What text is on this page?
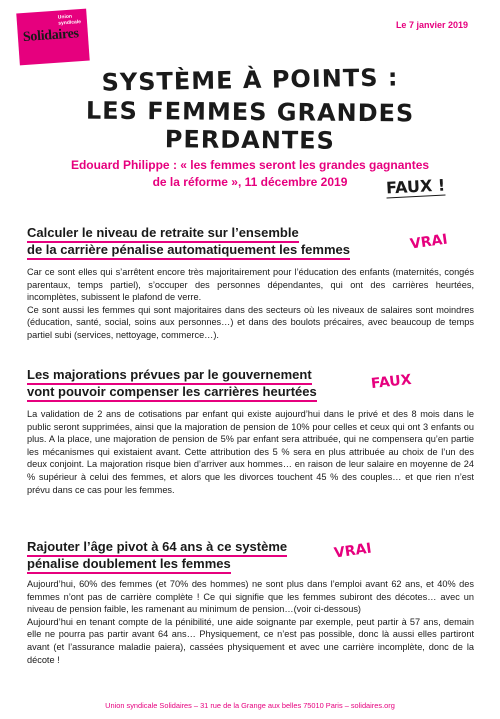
Union
syndicale
Solidaires
Le 7 janvier 2019
SYSTÈME À POINTS :
LES FEMMES GRANDES PERDANTES
Edouard Philippe : « les femmes seront les grandes gagnantes
de la réforme », 11 décembre 2019	FAUX !
Calculer le niveau de retraite sur l’ensemble
de la carrière pénalise automatiquement les femmes	VRAI

Car ce sont elles qui s’arrêtent encore très majoritairement pour l’éducation des enfants (maternités, congés parentaux, temps partiel), s’occuper des personnes dépendantes, qui ont des carrières heurtées, incomplètes, subissent le plafond de verre.

Ce sont aussi les femmes qui sont majoritaires dans des secteurs où les niveaux de salaires sont moindres (éducation, santé, social, soins aux personnes…) et dans des boulots précaires, avec beaucoup de temps partiel subi (services, nettoyage, commerce…).

Les majorations prévues par le gouvernement
vont pouvoir compenser les carrières heurtées	FAUX

La validation de 2 ans de cotisations par enfant qui existe aujourd’hui dans le privé et des 8 mois dans le public seront supprimées, ainsi que la majoration de pension de 10% pour celles et ceux qui ont 3 enfants ou plus. A la place, une majoration de pension de 5% par enfant sera attribuée, qui ne compensera qu’en partie les mécanismes qui existaient avant. Cette attribution des 5 % sera en plus attribuée au choix de l’un des deux conjoint. La majoration risque bien d’arriver aux hommes… en raison de leur salaire en moyenne de 24 % supérieur à celui des femmes, et alors que les divorces touchent 45 % des couples… et que rien n’est prévu dans ce cas pour les femmes.

Rajouter l’âge pivot à 64 ans à ce système
pénalise doublement les femmes
VRAI

Aujourd’hui, 60% des femmes (et 70% des hommes) ne sont plus dans l’emploi avant 62 ans, et 40% des femmes n’ont pas de carrière complète ! Ce qui signifie que les femmes subiront des décotes… avec un niveau de pension faible, les ramenant au minimum de pension…(voir ci-dessous)

Aujourd’hui en tenant compte de la pénibilité, une aide soignante par exemple, peut partir à 57 ans, demain elle ne pourra pas partir avant 64 ans… Physiquement, ce n’est pas possible, donc là aussi elles partiront avant (et l’assurance maladie paiera), cassées physiquement et avec une carrière incomplète, donc de la décote !

Union syndicale Solidaires – 31 rue de la Grange aux belles 75010 Paris – solidaires.org
